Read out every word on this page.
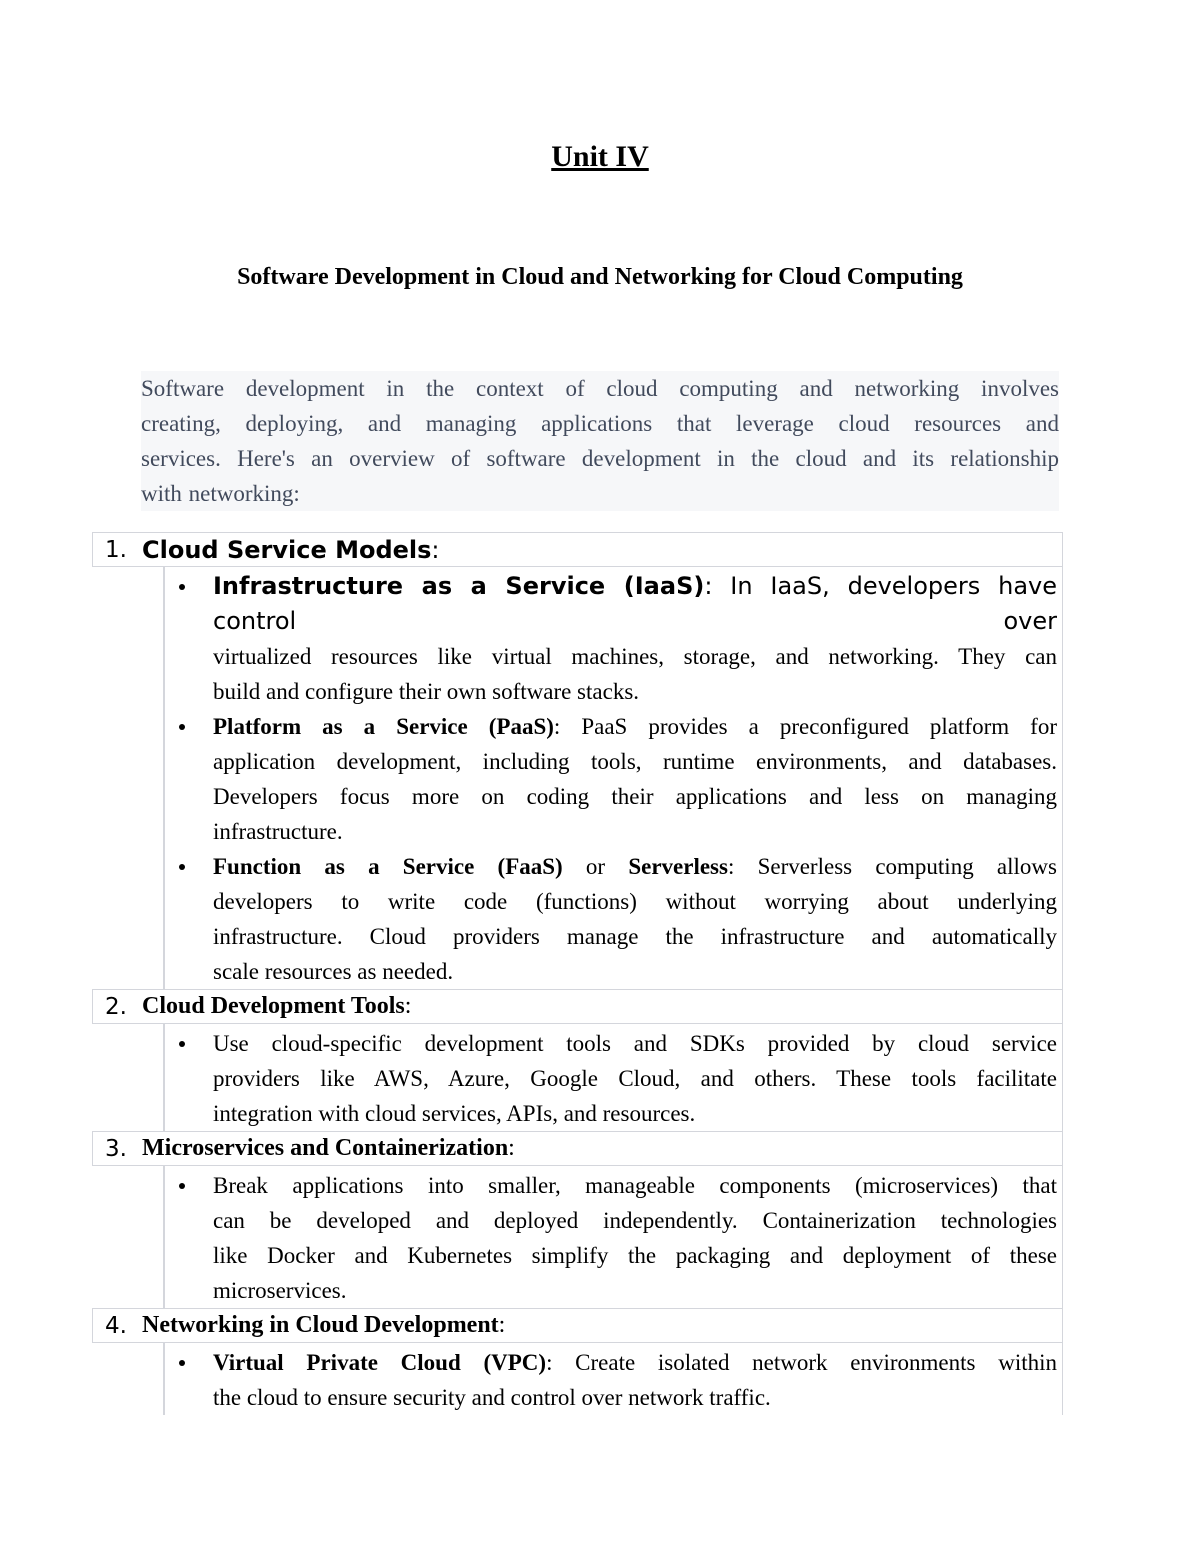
Unit IV
Software Development in Cloud and Networking for Cloud Computing
Software development in the context of cloud computing and networking involves
creating, deploying, and managing applications that leverage cloud resources and
services. Here's an overview of software development in the cloud and its relationship
with networking:
1. Cloud Service Models:
Infrastructure as a Service (IaaS): In IaaS, developers have control over
virtualized resources like virtual machines, storage, and networking. They can
build and configure their own software stacks.
Platform as a Service (PaaS): PaaS provides a preconfigured platform for
application development, including tools, runtime environments, and databases.
Developers focus more on coding their applications and less on managing
infrastructure.
Function as a Service (FaaS) or Serverless: Serverless computing allows
developers to write code (functions) without worrying about underlying
infrastructure. Cloud providers manage the infrastructure and automatically
scale resources as needed.
2. Cloud Development Tools:
Use cloud-specific development tools and SDKs provided by cloud service
providers like AWS, Azure, Google Cloud, and others. These tools facilitate
integration with cloud services, APIs, and resources.
3. Microservices and Containerization:
Break applications into smaller, manageable components (microservices) that
can be developed and deployed independently. Containerization technologies
like Docker and Kubernetes simplify the packaging and deployment of these
microservices.
4. Networking in Cloud Development:
Virtual Private Cloud (VPC): Create isolated network environments within
the cloud to ensure security and control over network traffic.
